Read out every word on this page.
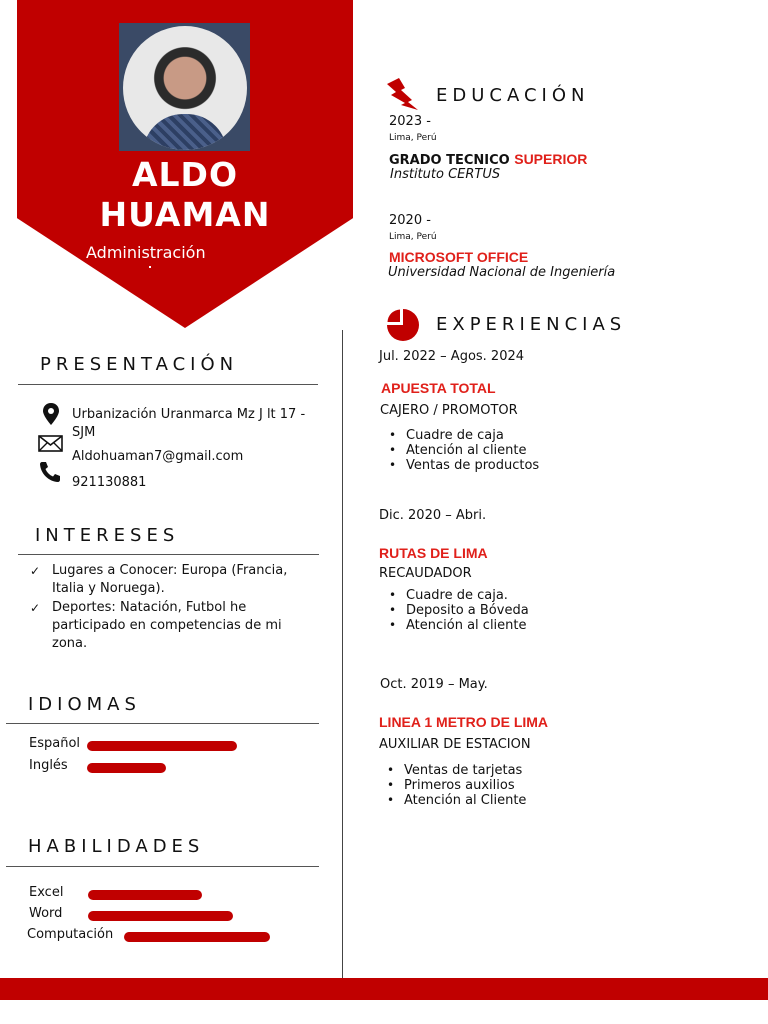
ALDO
HUAMAN
Administración
PRESENTACIÓN
Urbanización Uranmarca Mz J lt 17 - SJM
Aldohuaman7@gmail.com
921130881
INTERESES
✓ Lugares a Conocer: Europa (Francia, Italia y Noruega).
✓ Deportes: Natación, Futbol he participado en competencias de mi zona.
IDIOMAS
Español
Inglés
HABILIDADES
Excel
Word
Computación
EDUCACIÓN
2023 -
Lima, Perú
GRADO TECNICO SUPERIOR
Instituto CERTUS
2020 -
Lima, Perú
MICROSOFT OFFICE
Universidad Nacional de Ingeniería
EXPERIENCIAS
Jul. 2022 – Agos. 2024
APUESTA TOTAL
CAJERO / PROMOTOR
• Cuadre de caja
• Atención al cliente
• Ventas de productos
Dic. 2020 – Abri.
RUTAS DE LIMA
RECAUDADOR
• Cuadre de caja.
• Deposito a Bóveda
• Atención al cliente
Oct. 2019 – May.
LINEA 1 METRO DE LIMA
AUXILIAR DE ESTACION
• Ventas de tarjetas
• Primeros auxilios
• Atención al Cliente
